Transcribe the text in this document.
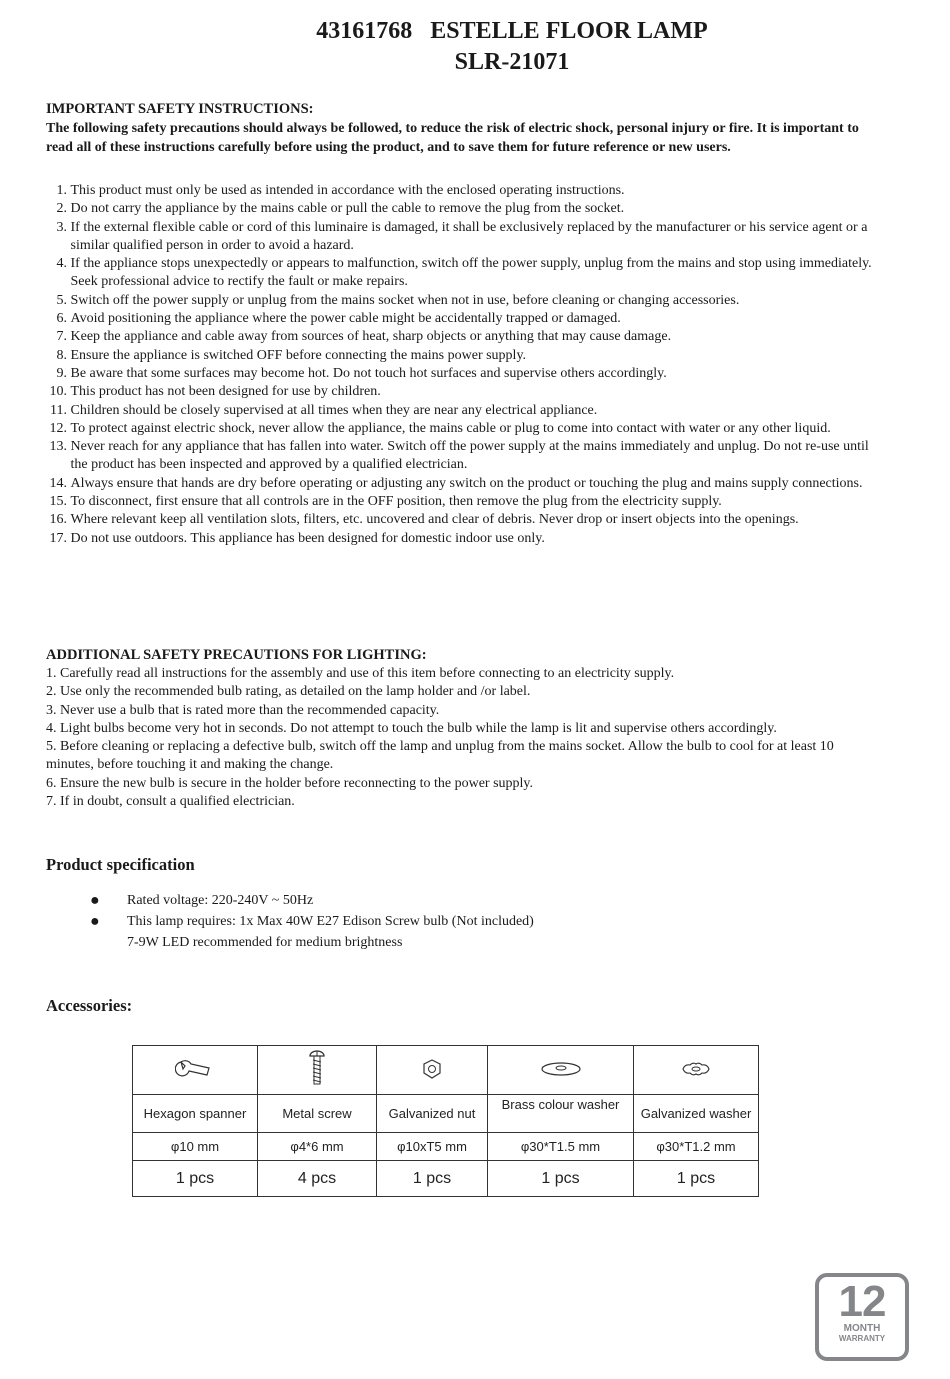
43161768   ESTELLE FLOOR LAMP
SLR-21071
IMPORTANT SAFETY INSTRUCTIONS:
The following safety precautions should always be followed, to reduce the risk of electric shock, personal injury or fire. It is important to read all of these instructions carefully before using the product, and to save them for future reference or new users.
1.
This product must only be used as intended in accordance with the enclosed operating instructions.
2.
Do not carry the appliance by the mains cable or pull the cable to remove the plug from the socket.
3.
If the external flexible cable or cord of this luminaire is damaged, it shall be exclusively replaced by the manufacturer or his service agent or a similar qualified person in order to avoid a hazard.
4.
If the appliance stops unexpectedly or appears to malfunction, switch off the power supply, unplug from the mains and stop using immediately. Seek professional advice to rectify the fault or make repairs.
5.
Switch off the power supply or unplug from the mains socket when not in use, before cleaning or changing accessories.
6.
Avoid positioning the appliance where the power cable might be accidentally trapped or damaged.
7.
Keep the appliance and cable away from sources of heat, sharp objects or anything that may cause damage.
8.
Ensure the appliance is switched OFF before connecting the mains power supply.
9.
Be aware that some surfaces may become hot. Do not touch hot surfaces and supervise others accordingly.
10.
This product has not been designed for use by children.
11.
Children should be closely supervised at all times when they are near any electrical appliance.
12.
To protect against electric shock, never allow the appliance, the mains cable or plug to come into contact with water or any other liquid.
13.
Never reach for any appliance that has fallen into water. Switch off the power supply at the mains immediately and unplug. Do not re-use until the product has been inspected and approved by a qualified electrician.
14.
Always ensure that hands are dry before operating or adjusting any switch on the product or touching the plug and mains supply connections.
15.
To disconnect, first ensure that all controls are in the OFF position, then remove the plug from the electricity supply.
16.
Where relevant keep all ventilation slots, filters, etc. uncovered and clear of debris. Never drop or insert objects into the openings.
17.
Do not use outdoors. This appliance has been designed for domestic indoor use only.
ADDITIONAL SAFETY PRECAUTIONS FOR LIGHTING:
1. Carefully read all instructions for the assembly and use of this item before connecting to an electricity supply.
2. Use only the recommended bulb rating, as detailed on the lamp holder and /or label.
3. Never use a bulb that is rated more than the recommended capacity.
4. Light bulbs become very hot in seconds. Do not attempt to touch the bulb while the lamp is lit and supervise others accordingly.
5. Before cleaning or replacing a defective bulb, switch off the lamp and unplug from the mains socket. Allow the bulb to cool for at least 10 minutes, before touching it and making the change.
6. Ensure the new bulb is secure in the holder before reconnecting to the power supply.
7. If in doubt, consult a qualified electrician.
Product specification
●	Rated voltage: 220-240V ~ 50Hz
●	This lamp requires: 1x Max 40W E27 Edison Screw bulb (Not included)
7-9W LED recommended for medium brightness
Accessories:

Hexagon spanner	Metal screw	Galvanized nut	Brass colour washer	Galvanized washer
φ10 mm	φ4*6 mm	φ10xT5 mm	φ30*T1.5 mm	φ30*T1.2 mm
1 pcs	4 pcs	1 pcs	1 pcs	1 pcs
12
MONTH
WARRANTY
